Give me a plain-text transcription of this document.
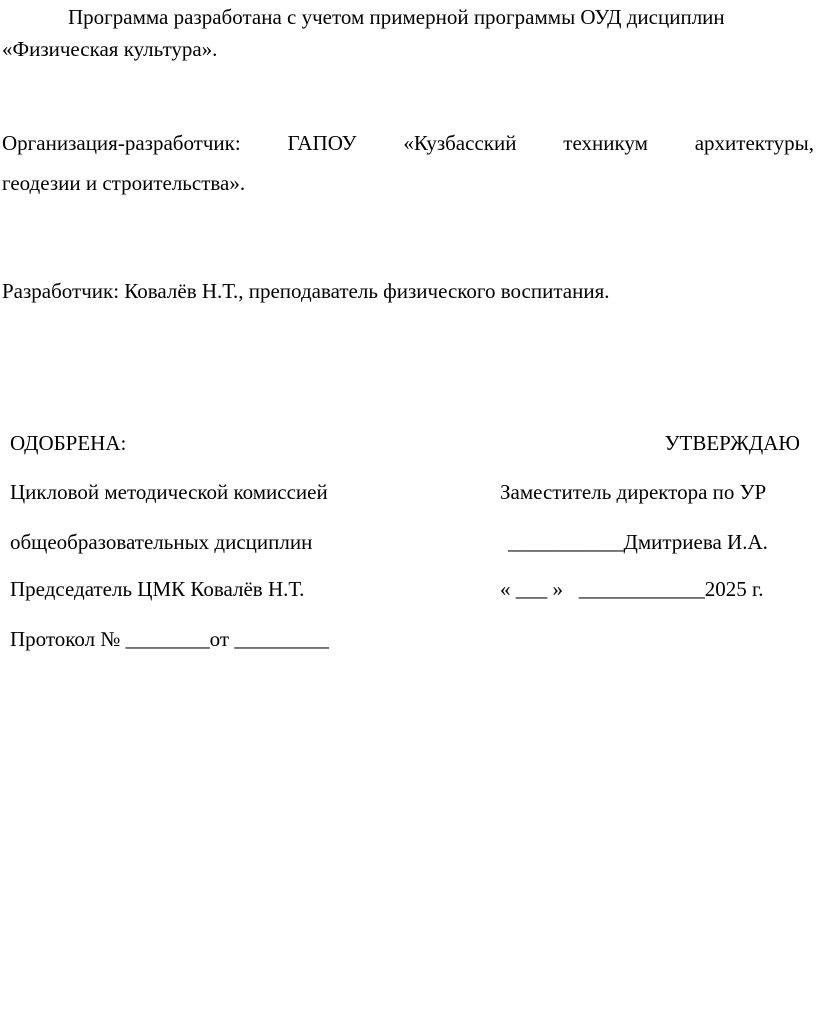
Программа разработана с учетом примерной программы ОУД дисциплин
«Физическая культура».
Организация-разработчик: ГАПОУ «Кузбасский техникум архитектуры,
геодезии и строительства».
Разработчик: Ковалёв Н.Т., преподаватель физического воспитания.
ОДОБРЕНА:	УТВЕРЖДАЮ
Цикловой методической комиссией	Заместитель директора по УР
общеобразовательных дисциплин	___________Дмитриева И.А.
Председатель ЦМК Ковалёв Н.Т.	« ___ »   ____________2025 г.
Протокол № ________от _________
